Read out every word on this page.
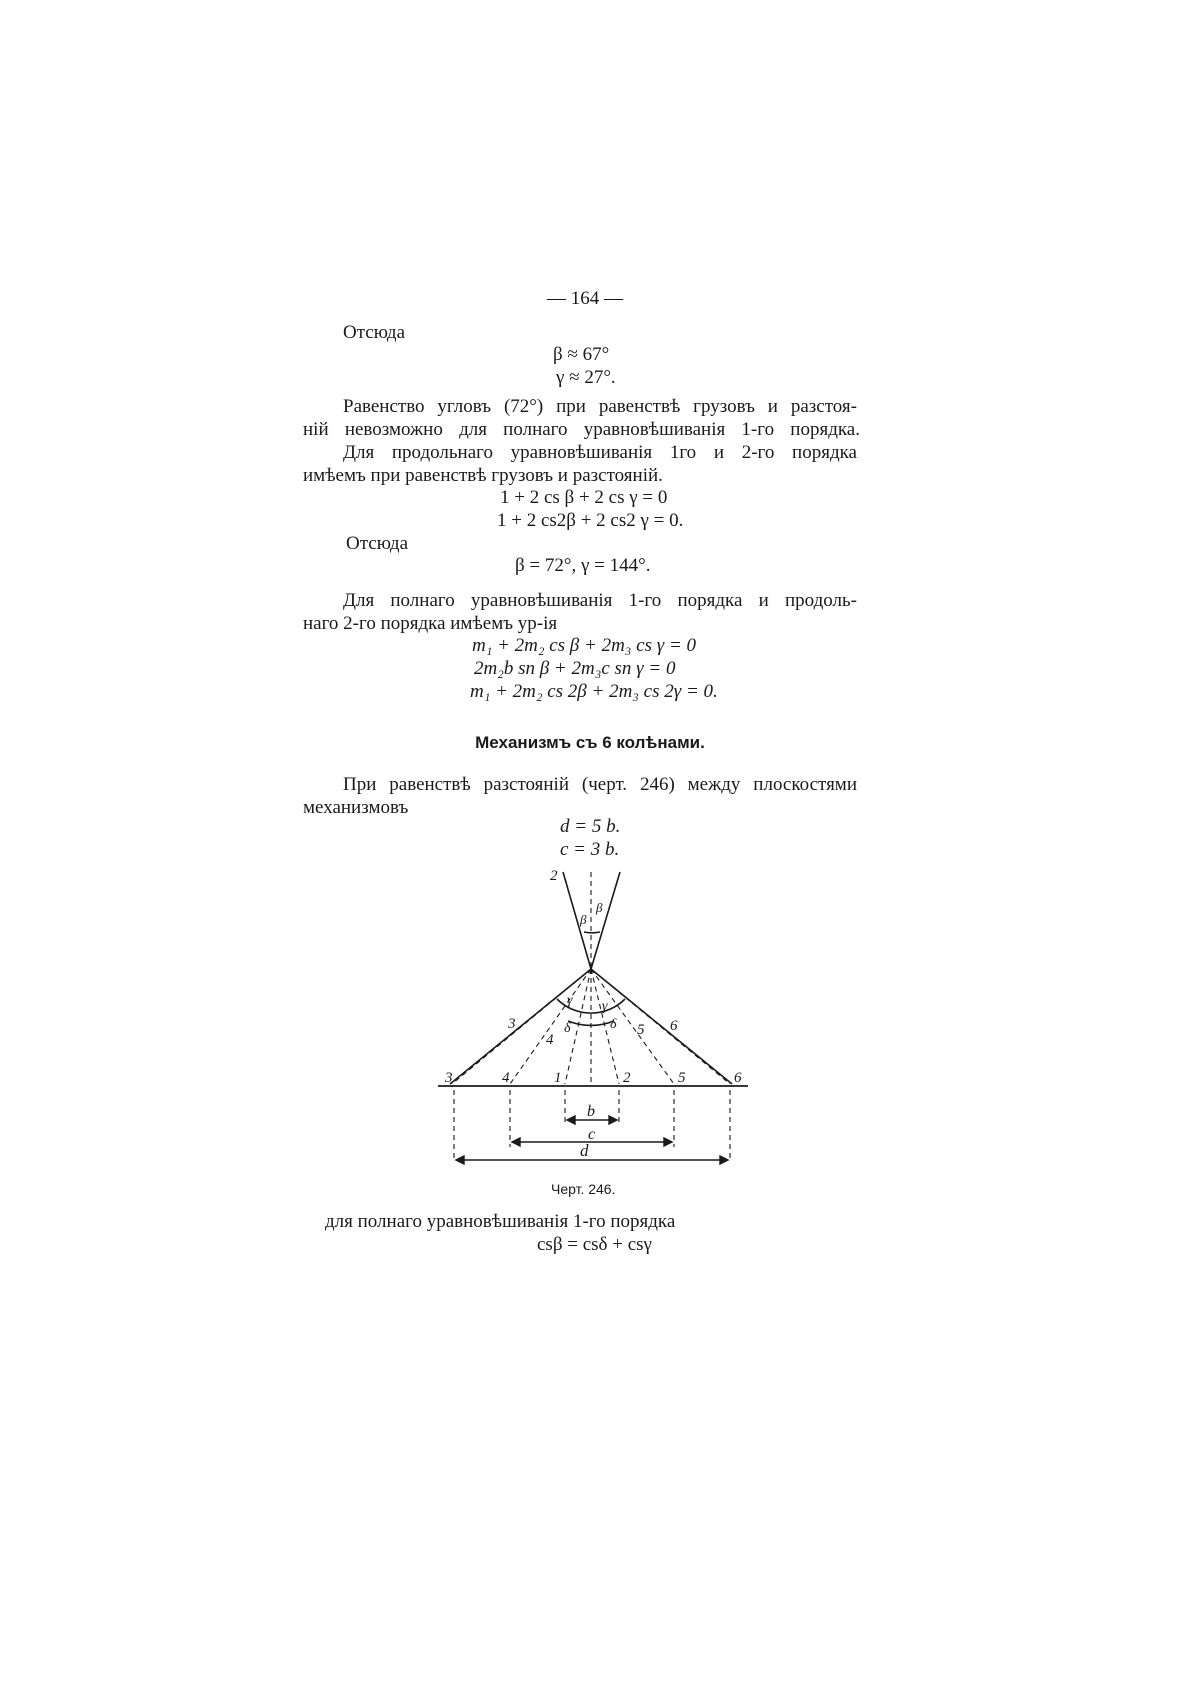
— 164 —
Отсюда
β ≈ 67°
γ ≈ 27°.
Равенство угловъ (72°) при равенствѣ грузовъ и разстоя-
ній невозможно для полнаго уравновѣшиванія 1-го порядка.
Для продольнаго уравновѣшиванія 1го и 2-го порядка
имѣемъ при равенствѣ грузовъ и разстояній.
1 + 2 cs β + 2 cs γ = 0
1 + 2 cs2β + 2 cs2 γ = 0.
Отсюда
β = 72°, γ = 144°.
Для полнаго уравновѣшиванія 1-го порядка и продоль-
наго 2-го порядка имѣемъ ур-ія
m₁ + 2m₂ cs β + 2m₃ cs γ = 0
2m₂b sn β + 2m₃c sn γ = 0
m₁ + 2m₂ cs 2β + 2m₃ cs 2γ = 0.
Механизмъ съ 6 колѣнами.
При равенствѣ разстояній (черт. 246) между плоскостями
механизмовъ
d = 5 b.
c = 3 b.
2
β
β
γ γ
δ	δ
3
4
5 6
3	4	1	2	5	6
b
c
d
Черт. 246.
для полнаго уравновѣшиванія 1-го порядка
csβ = csδ + csγ
